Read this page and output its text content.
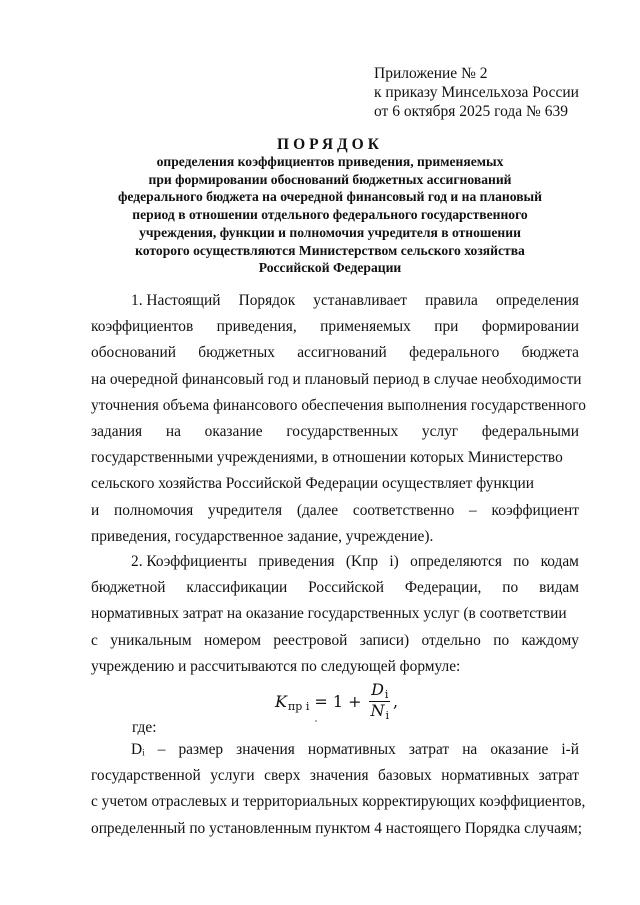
Приложение № 2
к приказу Минсельхоза России
от 6 октября 2025 года № 639
ПОРЯДОК
определения коэффициентов приведения, применяемых
при формировании обоснований бюджетных ассигнований
федерального бюджета на очередной финансовый год и на плановый
период в отношении отдельного федерального государственного
учреждения, функции и полномочия учредителя в отношении
которого осуществляются Министерством сельского хозяйства
Российской Федерации
1. Настоящий Порядок устанавливает правила определения
коэффициентов приведения, применяемых при формировании
обоснований бюджетных ассигнований федерального бюджета
на очередной финансовый год и плановый период в случае необходимости
уточнения объема финансового обеспечения выполнения государственного
задания на оказание государственных услуг федеральными
государственными учреждениями, в отношении которых Министерство
сельского хозяйства Российской Федерации осуществляет функции
и полномочия учредителя (далее соответственно – коэффициент
приведения, государственное задание, учреждение).
2. Коэффициенты приведения (Kпр i) определяются по кодам
бюджетной классификации Российской Федерации, по видам
нормативных затрат на оказание государственных услуг (в соответствии
с уникальным номером реестровой записи) отдельно по каждому
учреждению и рассчитываются по следующей формуле:
K пр $i = 1 + \frac{Di}{Ni}$ ,
где:
Dᵢ – размер значения нормативных затрат на оказание i-й
государственной услуги сверх значения базовых нормативных затрат
с учетом отраслевых и территориальных корректирующих коэффициентов,
определенный по установленным пунктом 4 настоящего Порядка случаям;
